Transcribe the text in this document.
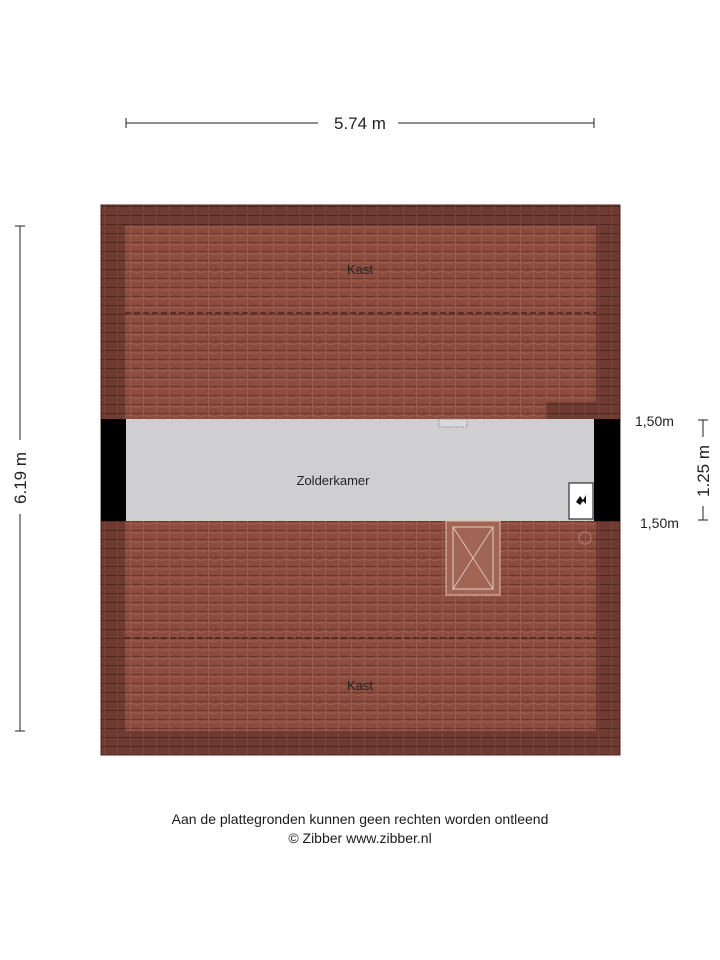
5.74 m
6.19 m	1.25 m
1,50m
1,50m
Kast
Zolderkamer
Kast
Aan de plattegronden kunnen geen rechten worden ontleend
© Zibber www.zibber.nl
